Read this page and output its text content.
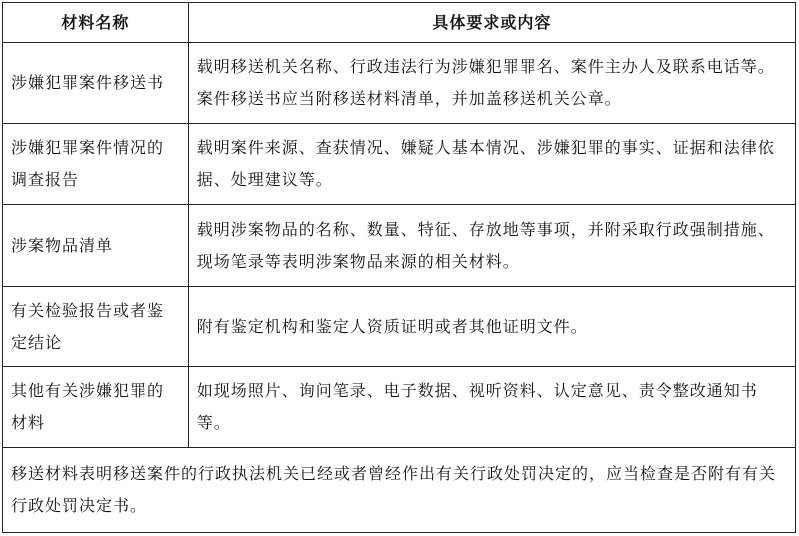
材料名称	具体要求或内容
涉嫌犯罪案件移送书	载明移送机关名称、行政违法行为涉嫌犯罪罪名、案件主办人及联系电话等。案件移送书应当附移送材料清单，并加盖移送机关公章。
涉嫌犯罪案件情况的调查报告	载明案件来源、查获情况、嫌疑人基本情况、涉嫌犯罪的事实、证据和法律依据、处理建议等。
涉案物品清单	载明涉案物品的名称、数量、特征、存放地等事项，并附采取行政强制措施、现场笔录等表明涉案物品来源的相关材料。
有关检验报告或者鉴定结论	附有鉴定机构和鉴定人资质证明或者其他证明文件。
其他有关涉嫌犯罪的材料	如现场照片、询问笔录、电子数据、视听资料、认定意见、责令整改通知书等。
移送材料表明移送案件的行政执法机关已经或者曾经作出有关行政处罚决定的，应当检查是否附有有关行政处罚决定书。	
